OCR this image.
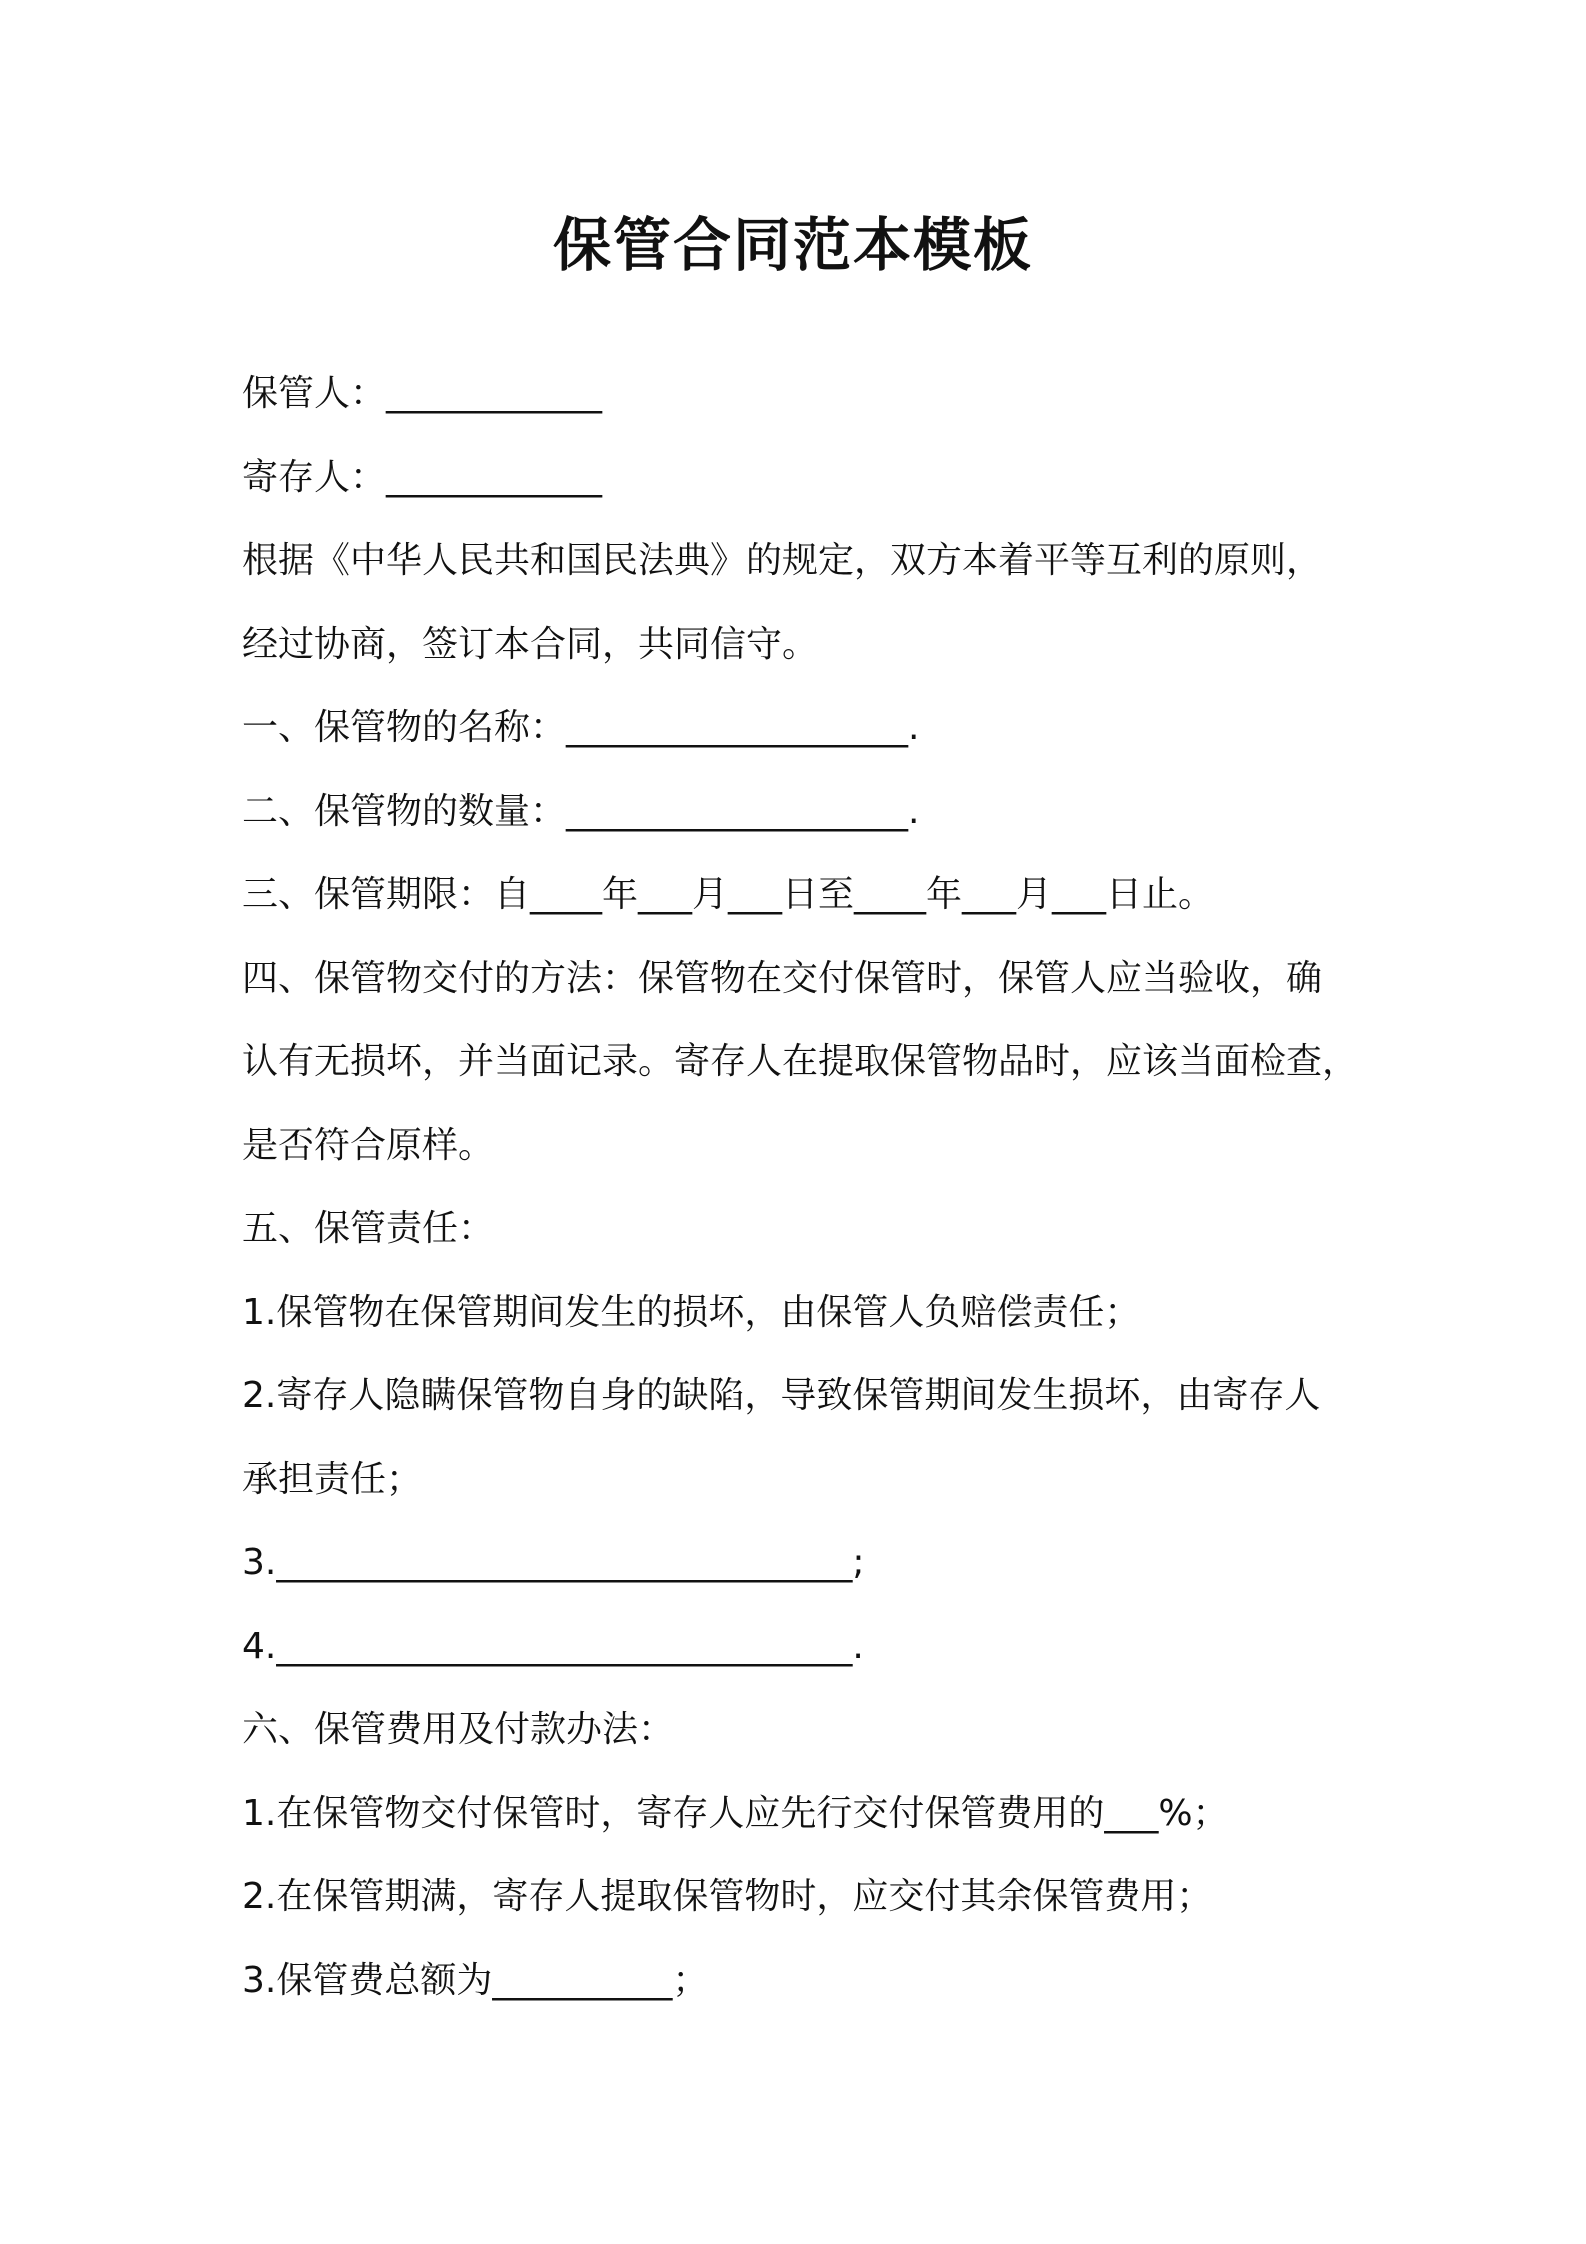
保管合同范本模板
保管人：____________
寄存人：____________
根据《中华人民共和国民法典》的规定，双方本着平等互利的原则，
经过协商，签订本合同，共同信守。
一、保管物的名称：___________________.
二、保管物的数量：___________________.
三、保管期限：自____年___月___日至____年___月___日止。
四、保管物交付的方法：保管物在交付保管时，保管人应当验收，确
认有无损坏，并当面记录。寄存人在提取保管物品时，应该当面检查，
是否符合原样。
五、保管责任：
1.保管物在保管期间发生的损坏，由保管人负赔偿责任；
2.寄存人隐瞒保管物自身的缺陷，导致保管期间发生损坏，由寄存人
承担责任；
3.________________________________;
4.________________________________.
六、保管费用及付款办法：
1.在保管物交付保管时，寄存人应先行交付保管费用的___%；
2.在保管期满，寄存人提取保管物时，应交付其余保管费用；
3.保管费总额为__________；
